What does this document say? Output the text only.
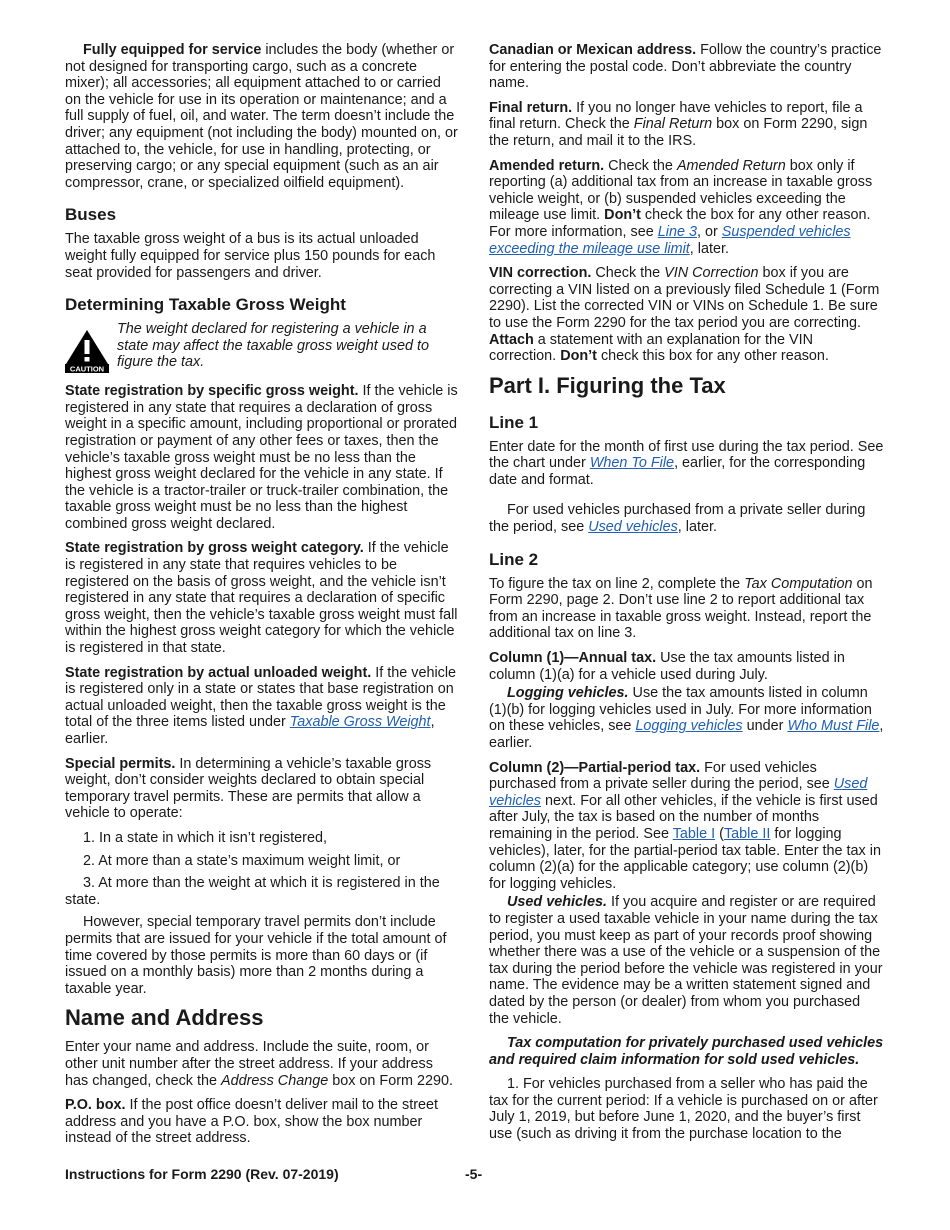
Fully equipped for service includes the body (whether or not designed for transporting cargo, such as a concrete mixer); all accessories; all equipment attached to or carried on the vehicle for use in its operation or maintenance; and a full supply of fuel, oil, and water. The term doesn’t include the driver; any equipment (not including the body) mounted on, or attached to, the vehicle, for use in handling, protecting, or preserving cargo; or any special equipment (such as an air compressor, crane, or specialized oilfield equipment).

Buses

The taxable gross weight of a bus is its actual unloaded weight fully equipped for service plus 150 pounds for each seat provided for passengers and driver.

Determining Taxable Gross Weight
CAUTION
The weight declared for registering a vehicle in a state may affect the taxable gross weight used to figure the tax.

State registration by specific gross weight. If the vehicle is registered in any state that requires a declaration of gross weight in a specific amount, including proportional or prorated registration or payment of any other fees or taxes, then the vehicle’s taxable gross weight must be no less than the highest gross weight declared for the vehicle in any state. If the vehicle is a tractor-trailer or truck-trailer combination, the taxable gross weight must be no less than the highest combined gross weight declared.

State registration by gross weight category. If the vehicle is registered in any state that requires vehicles to be registered on the basis of gross weight, and the vehicle isn’t registered in any state that requires a declaration of specific gross weight, then the vehicle’s taxable gross weight must fall within the highest gross weight category for which the vehicle is registered in that state.

State registration by actual unloaded weight. If the vehicle is registered only in a state or states that base registration on actual unloaded weight, then the taxable gross weight is the total of the three items listed under Taxable Gross Weight, earlier.

Special permits. In determining a vehicle’s taxable gross weight, don’t consider weights declared to obtain special temporary travel permits. These are permits that allow a vehicle to operate:

1. In a state in which it isn’t registered,
2. At more than a state’s maximum weight limit, or
3. At more than the weight at which it is registered in the state.

However, special temporary travel permits don’t include permits that are issued for your vehicle if the total amount of time covered by those permits is more than 60 days or (if issued on a monthly basis) more than 2 months during a taxable year.

Name and Address

Enter your name and address. Include the suite, room, or other unit number after the street address. If your address has changed, check the Address Change box on Form 2290.

P.O. box. If the post office doesn’t deliver mail to the street address and you have a P.O. box, show the box number instead of the street address.

Canadian or Mexican address. Follow the country’s practice for entering the postal code. Don’t abbreviate the country name.

Final return. If you no longer have vehicles to report, file a final return. Check the Final Return box on Form 2290, sign the return, and mail it to the IRS.

Amended return. Check the Amended Return box only if reporting (a) additional tax from an increase in taxable gross vehicle weight, or (b) suspended vehicles exceeding the mileage use limit. Don’t check the box for any other reason. For more information, see Line 3, or Suspended vehicles exceeding the mileage use limit, later.

VIN correction. Check the VIN Correction box if you are correcting a VIN listed on a previously filed Schedule 1 (Form 2290). List the corrected VIN or VINs on Schedule 1. Be sure to use the Form 2290 for the tax period you are correcting. Attach a statement with an explanation for the VIN correction. Don’t check this box for any other reason.

Part I. Figuring the Tax
Line 1

Enter date for the month of first use during the tax period. See the chart under When To File, earlier, for the corresponding date and format.

For used vehicles purchased from a private seller during the period, see Used vehicles, later.

Line 2

To figure the tax on line 2, complete the Tax Computation on Form 2290, page 2. Don’t use line 2 to report additional tax from an increase in taxable gross weight. Instead, report the additional tax on line 3.

Column (1)—Annual tax. Use the tax amounts listed in column (1)(a) for a vehicle used during July.

Logging vehicles. Use the tax amounts listed in column (1)(b) for logging vehicles used in July. For more information on these vehicles, see Logging vehicles under Who Must File, earlier.

Column (2)—Partial-period tax. For used vehicles purchased from a private seller during the period, see Used vehicles next. For all other vehicles, if the vehicle is first used after July, the tax is based on the number of months remaining in the period. See Table I (Table II for logging vehicles), later, for the partial-period tax table. Enter the tax in column (2)(a) for the applicable category; use column (2)(b) for logging vehicles.

Used vehicles. If you acquire and register or are required to register a used taxable vehicle in your name during the tax period, you must keep as part of your records proof showing whether there was a use of the vehicle or a suspension of the tax during the period before the vehicle was registered in your name. The evidence may be a written statement signed and dated by the person (or dealer) from whom you purchased the vehicle.

Tax computation for privately purchased used vehicles and required claim information for sold used vehicles.

1. For vehicles purchased from a seller who has paid the tax for the current period: If a vehicle is purchased on or after July 1, 2019, but before June 1, 2020, and the buyer’s first use (such as driving it from the purchase location to the

Instructions for Form 2290 (Rev. 07-2019)	-5-
